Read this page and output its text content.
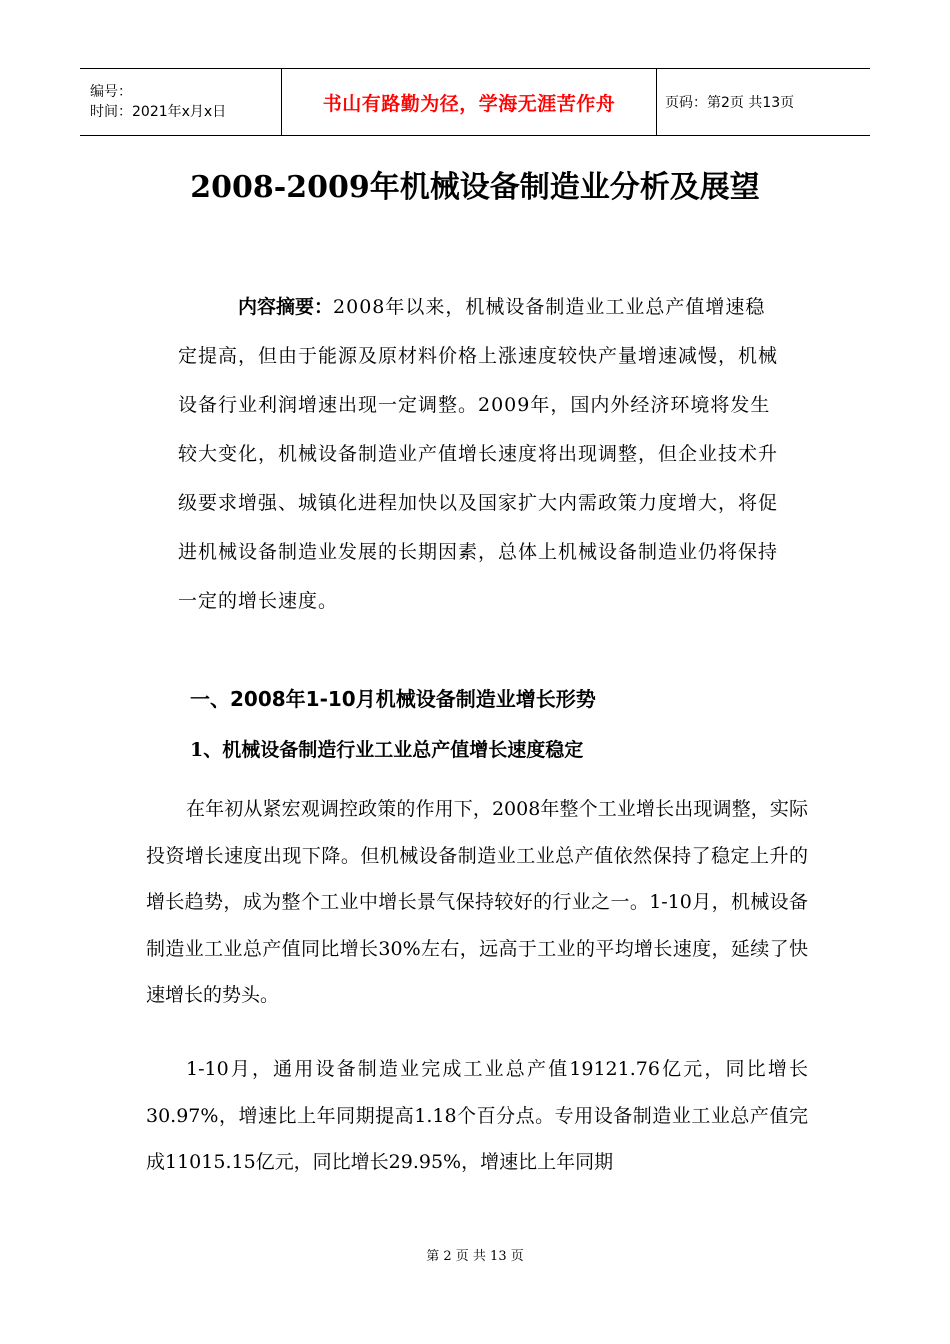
编号：
时间：2021年x月x日	书山有路勤为径，学海无涯苦作舟	页码：第2页 共13页
2008-2009年机械设备制造业分析及展望

内容摘要：2008年以来，机械设备制造业工业总产值增速稳定提高，但由于能源及原材料价格上涨速度较快产量增速减慢，机械设备行业利润增速出现一定调整。2009年，国内外经济环境将发生较大变化，机械设备制造业产值增长速度将出现调整，但企业技术升级要求增强、城镇化进程加快以及国家扩大内需政策力度增大，将促进机械设备制造业发展的长期因素，总体上机械设备制造业仍将保持一定的增长速度。

一、2008年1-10月机械设备制造业增长形势
1、机械设备制造行业工业总产值增长速度稳定

在年初从紧宏观调控政策的作用下，2008年整个工业增长出现调整，实际投资增长速度出现下降。但机械设备制造业工业总产值依然保持了稳定上升的增长趋势，成为整个工业中增长景气保持较好的行业之一。1-10月，机械设备制造业工业总产值同比增长30%左右，远高于工业的平均增长速度，延续了快速增长的势头。

1-10月，通用设备制造业完成工业总产值19121.76亿元，同比增长30.97%，增速比上年同期提高1.18个百分点。专用设备制造业工业总产值完成11015.15亿元，同比增长29.95%，增速比上年同期

第 2 页 共 13 页
